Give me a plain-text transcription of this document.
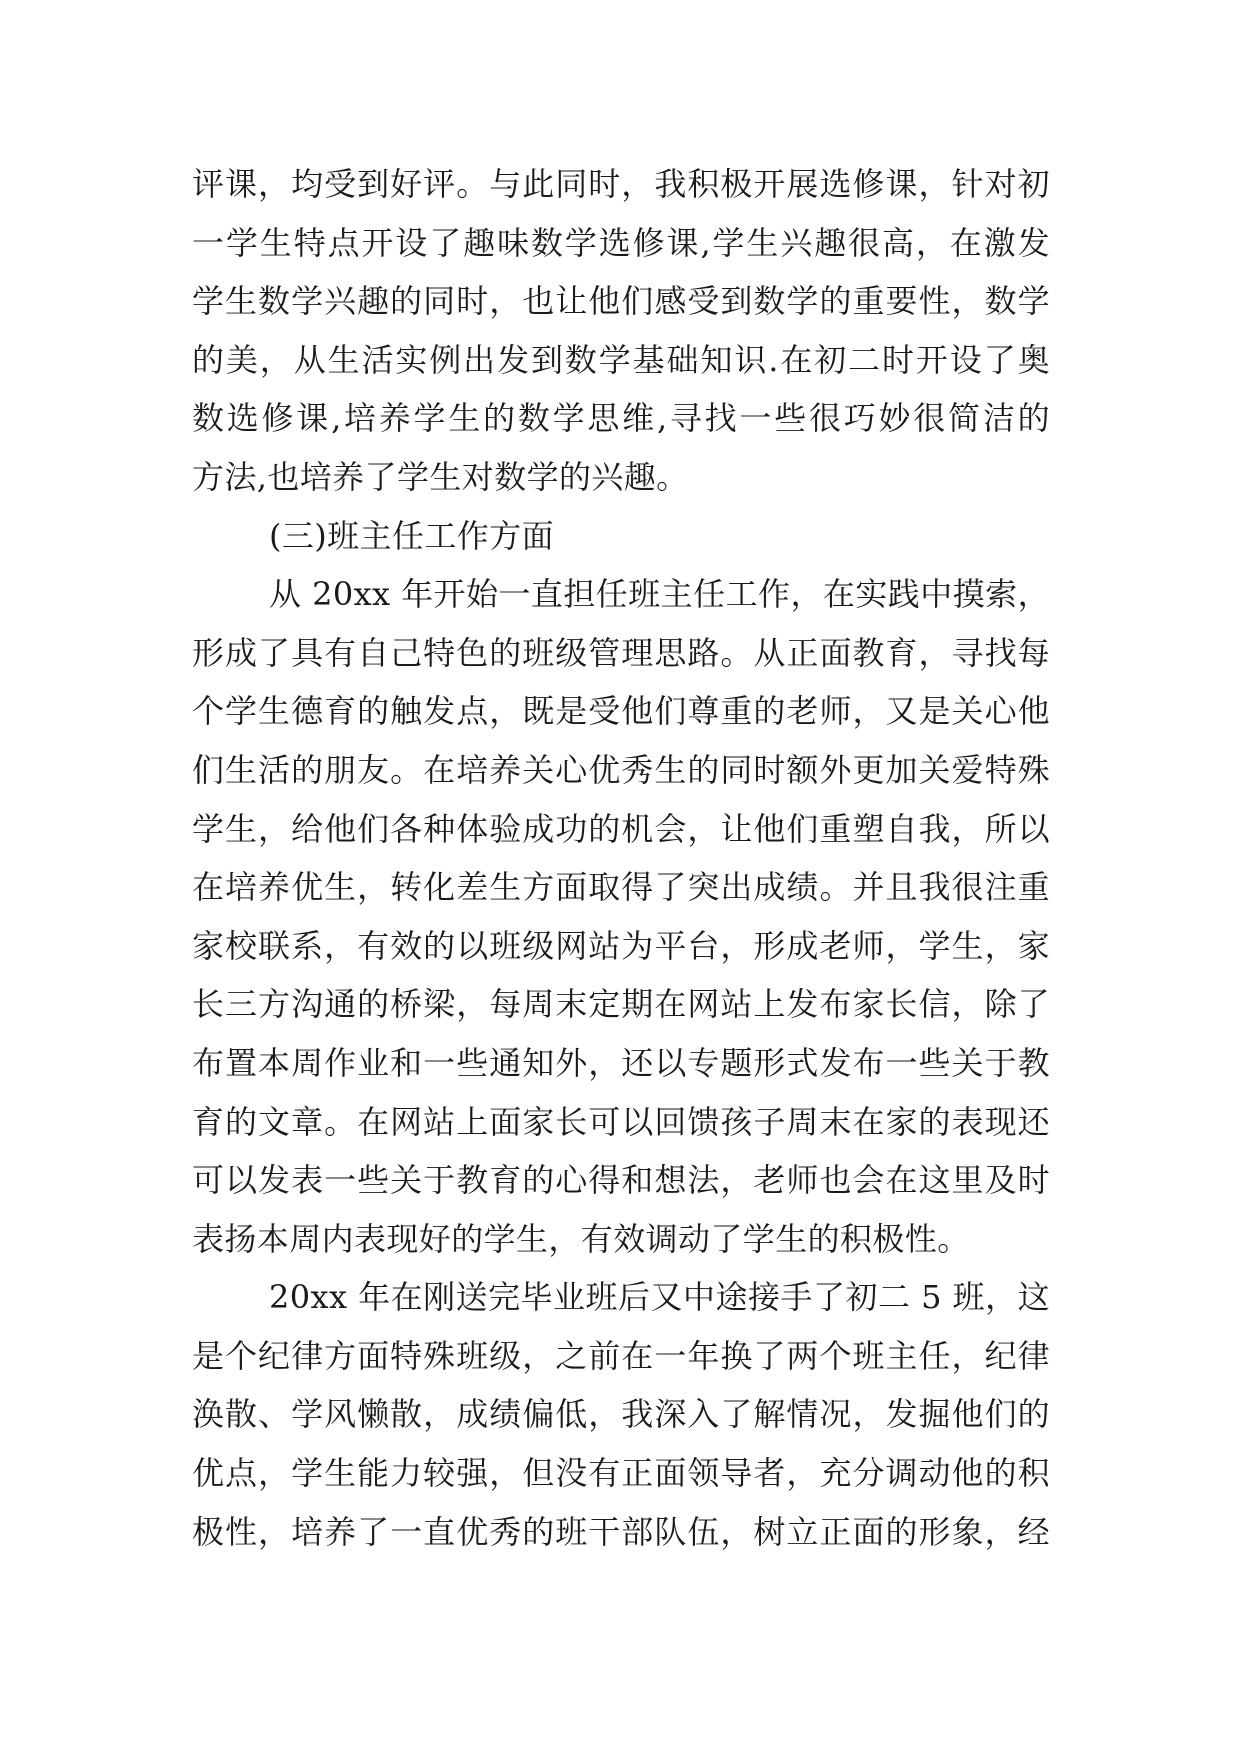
评课，均受到好评。与此同时，我积极开展选修课，针对初
一学生特点开设了趣味数学选修课,学生兴趣很高，在激发
学生数学兴趣的同时，也让他们感受到数学的重要性，数学
的美，从生活实例出发到数学基础知识.在初二时开设了奥
数选修课,培养学生的数学思维,寻找一些很巧妙很简洁的
方法,也培养了学生对数学的兴趣。
(三)班主任工作方面
从 20xx 年开始一直担任班主任工作，在实践中摸索，
形成了具有自己特色的班级管理思路。从正面教育，寻找每
个学生德育的触发点，既是受他们尊重的老师，又是关心他
们生活的朋友。在培养关心优秀生的同时额外更加关爱特殊
学生，给他们各种体验成功的机会，让他们重塑自我，所以
在培养优生，转化差生方面取得了突出成绩。并且我很注重
家校联系，有效的以班级网站为平台，形成老师，学生，家
长三方沟通的桥梁，每周末定期在网站上发布家长信，除了
布置本周作业和一些通知外，还以专题形式发布一些关于教
育的文章。在网站上面家长可以回馈孩子周末在家的表现还
可以发表一些关于教育的心得和想法，老师也会在这里及时
表扬本周内表现好的学生，有效调动了学生的积极性。
20xx 年在刚送完毕业班后又中途接手了初二 5 班，这
是个纪律方面特殊班级，之前在一年换了两个班主任，纪律
涣散、学风懒散，成绩偏低，我深入了解情况，发掘他们的
优点，学生能力较强，但没有正面领导者，充分调动他的积
极性，培养了一直优秀的班干部队伍，树立正面的形象，经
